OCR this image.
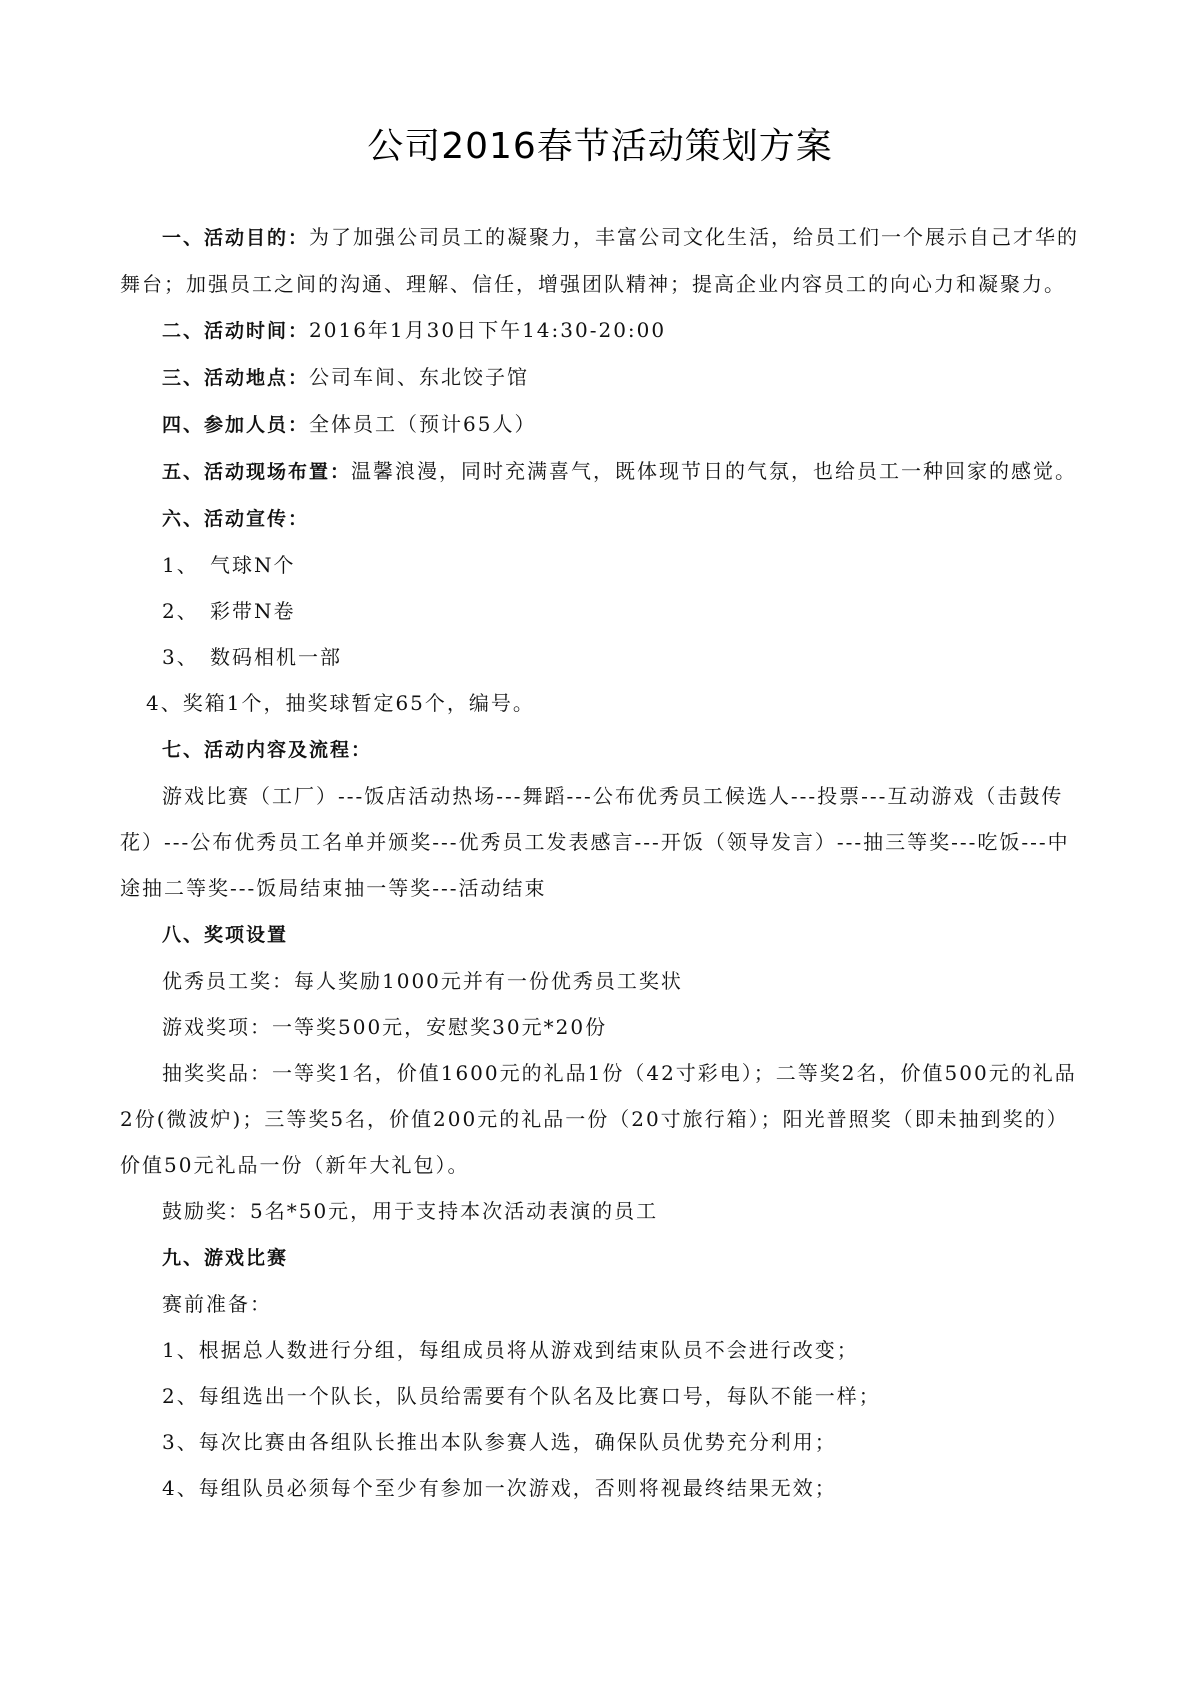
公司2016春节活动策划方案

一、活动目的：为了加强公司员工的凝聚力，丰富公司文化生活，给员工们一个展示自己才华的舞台；加强员工之间的沟通、理解、信任，增强团队精神；提高企业内容员工的向心力和凝聚力。

二、活动时间：2016年1月30日下午14:30-20:00

三、活动地点：公司车间、东北饺子馆

四、参加人员：全体员工（预计65人）

五、活动现场布置：温馨浪漫，同时充满喜气，既体现节日的气氛，也给员工一种回家的感觉。

六、活动宣传：

1、 气球N个

2、 彩带N卷

3、 数码相机一部

4、奖箱1个，抽奖球暂定65个，编号。

七、活动内容及流程：

游戏比赛（工厂）---饭店活动热场---舞蹈---公布优秀员工候选人---投票---互动游戏（击鼓传花）---公布优秀员工名单并颁奖---优秀员工发表感言---开饭（领导发言）---抽三等奖---吃饭---中途抽二等奖---饭局结束抽一等奖---活动结束

八、奖项设置

优秀员工奖：每人奖励1000元并有一份优秀员工奖状

游戏奖项：一等奖500元，安慰奖30元*20份

抽奖奖品：一等奖1名，价值1600元的礼品1份（42寸彩电）；二等奖2名，价值500元的礼品2份(微波炉)；三等奖5名，价值200元的礼品一份（20寸旅行箱）；阳光普照奖（即未抽到奖的）价值50元礼品一份（新年大礼包）。

鼓励奖：5名*50元，用于支持本次活动表演的员工

九、游戏比赛

赛前准备：

1、根据总人数进行分组，每组成员将从游戏到结束队员不会进行改变；

2、每组选出一个队长，队员给需要有个队名及比赛口号，每队不能一样；

3、每次比赛由各组队长推出本队参赛人选，确保队员优势充分利用；

4、每组队员必须每个至少有参加一次游戏，否则将视最终结果无效；
